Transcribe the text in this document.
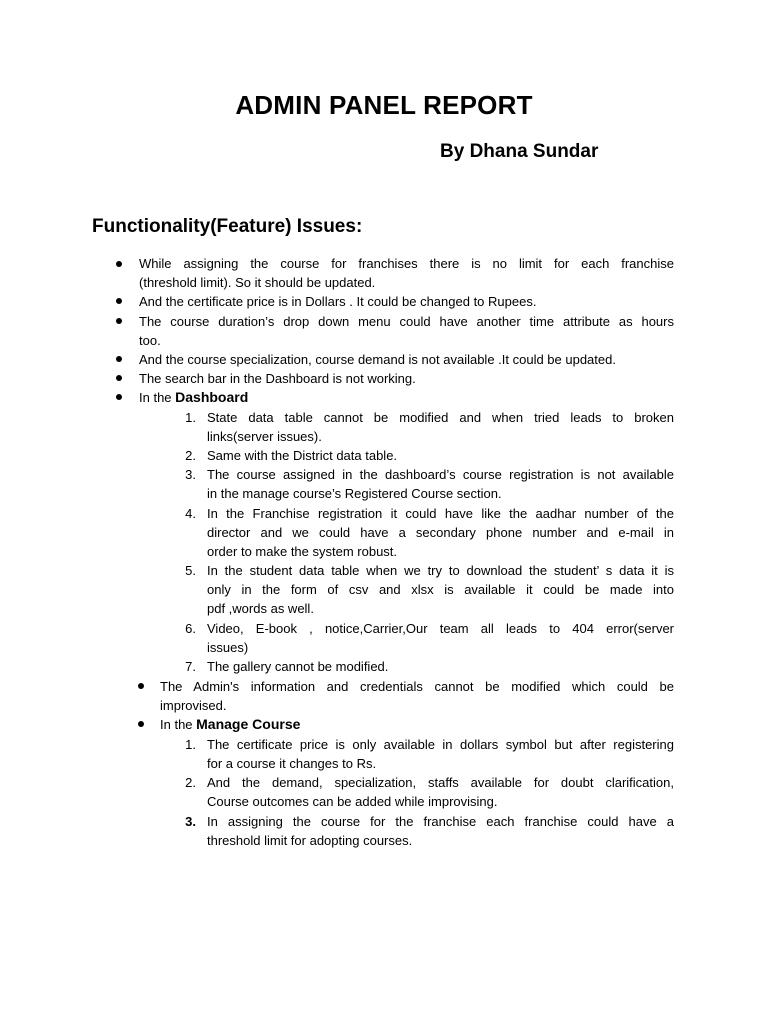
ADMIN PANEL REPORT
By Dhana Sundar
Functionality(Feature) Issues:
While assigning the course for franchises there is no limit for each franchise
(threshold limit). So it should be updated.
And the certificate price is in Dollars . It could be changed to Rupees.
The course duration’s drop down menu could have another time attribute as hours
too.
And the course specialization, course demand is not available .It could be updated.
The search bar in the Dashboard is not working.
In the Dashboard
1. State data table cannot be modified and when tried leads to broken
links(server issues).
2. Same with the District data table.
3. The course assigned in the dashboard’s course registration is not available
in the manage course’s Registered Course section.
4. In the Franchise registration it could have like the aadhar number of the
director and we could have a secondary phone number and e-mail in
order to make the system robust.
5. In the student data table when we try to download the student’ s data it is
only in the form of csv and xlsx is available it could be made into
pdf ,words as well.
6. Video, E-book , notice,Carrier,Our team all leads to 404 error(server
issues)
7. The gallery cannot be modified.
The Admin's information and credentials cannot be modified which could be
improvised.
In the Manage Course
1. The certificate price is only available in dollars symbol but after registering
for a course it changes to Rs.
2. And the demand, specialization, staffs available for doubt clarification,
Course outcomes can be added while improvising.
3. In assigning the course for the franchise each franchise could have a
threshold limit for adopting courses.
